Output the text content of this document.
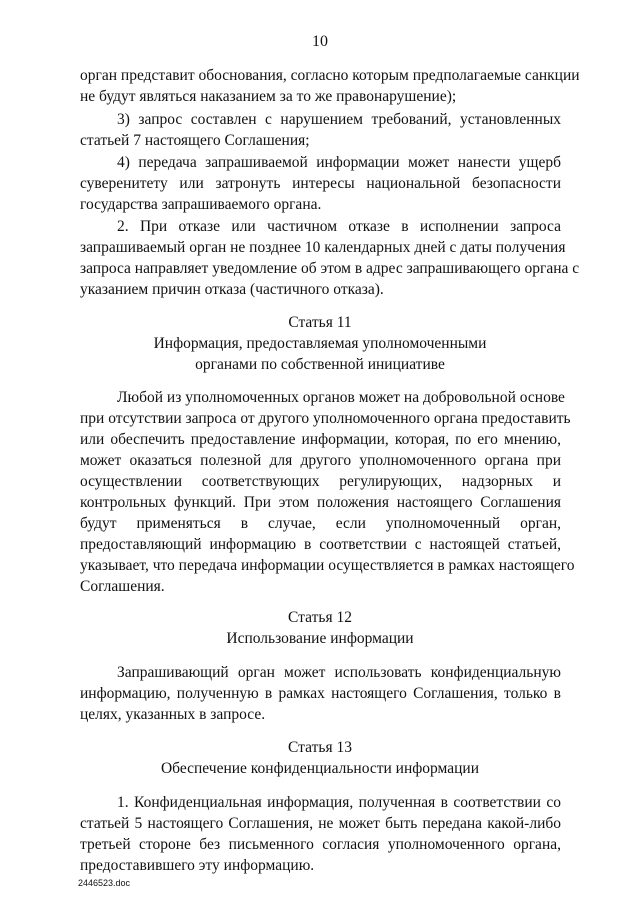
10
орган представит обоснования, согласно которым предполагаемые санкции
не будут являться наказанием за то же правонарушение);
3) запрос составлен с нарушением требований, установленных
статьей 7 настоящего Соглашения;
4) передача запрашиваемой информации может нанести ущерб
суверенитету или затронуть интересы национальной безопасности
государства запрашиваемого органа.
2. При отказе или частичном отказе в исполнении запроса
запрашиваемый орган не позднее 10 календарных дней с даты получения
запроса направляет уведомление об этом в адрес запрашивающего органа с
указанием причин отказа (частичного отказа).
Статья 11
Информация, предоставляемая уполномоченными
органами по собственной инициативе
Любой из уполномоченных органов может на добровольной основе
при отсутствии запроса от другого уполномоченного органа предоставить
или обеспечить предоставление информации, которая, по его мнению,
может оказаться полезной для другого уполномоченного органа при
осуществлении соответствующих регулирующих, надзорных и
контрольных функций. При этом положения настоящего Соглашения
будут применяться в случае, если уполномоченный орган,
предоставляющий информацию в соответствии с настоящей статьей,
указывает, что передача информации осуществляется в рамках настоящего
Соглашения.
Статья 12
Использование информации
Запрашивающий орган может использовать конфиденциальную
информацию, полученную в рамках настоящего Соглашения, только в
целях, указанных в запросе.
Статья 13
Обеспечение конфиденциальности информации
1. Конфиденциальная информация, полученная в соответствии со
статьей 5 настоящего Соглашения, не может быть передана какой-либо
третьей стороне без письменного согласия уполномоченного органа,
предоставившего эту информацию.
2446523.doc
